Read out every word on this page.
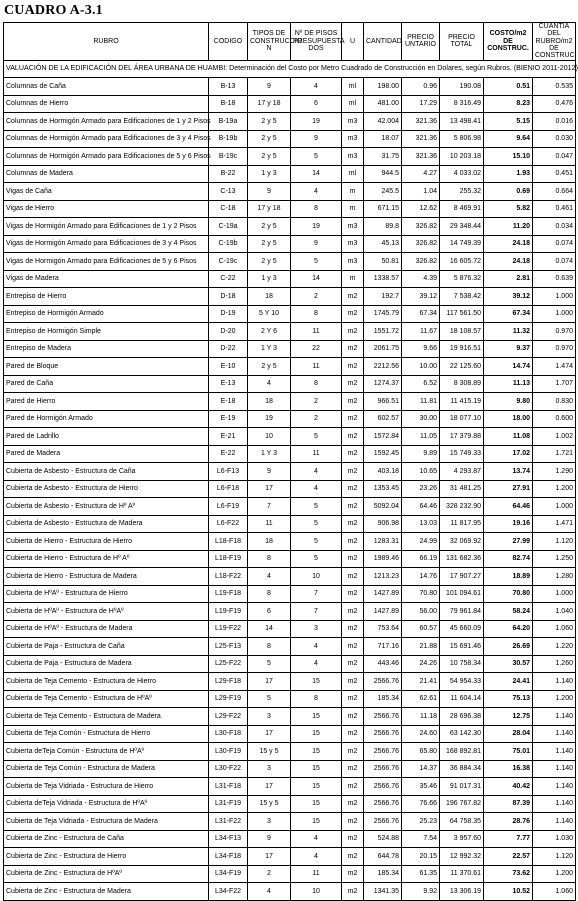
CUADRO A-3.1
VALUACIÓN DE LA EDIFICACIÓN DEL ÁREA URBANA DE HUAMBI: Determinación del Costo por Metro Cuadrado de Construcción en Dolares, según Rubros. (BIENIO 2011-2012)									
RUBRO	CODIGO	TIPOS DE CONSTRUCCIO N	Nº DE PISOS PRESUPUESTA DOS	U	CANTIDAD	PRECIO UNTARIO	PRECIO TOTAL	COSTO/m2 DE CONSTRUC.	CUANTIA DEL RUBRO/m2 DE CONSTRUC.
Columnas de Caña	B-13	9	4	ml	198.00	0.96	190.08	0.51	0.535
Columnas de Hierro	B-18	17 y 18	6	ml	481.00	17.29	8 316.49	8.23	0.476
Columnas de Hormigón Armado para Edificaciones de 1 y 2 Pisos	B-19a	2 y 5	19	m3	42.004	321.36	13 498.41	5.15	0.016
Columnas de Hormigón Armado para Edificaciones de 3 y 4 Pisos	B-19b	2 y 5	9	m3	18.07	321.36	5 806.98	9.64	0.030
Columnas de Hormigón Armado para Edificaciones de 5 y 6 Pisos	B-19c	2 y 5	5	m3	31.75	321.36	10 203.18	15.10	0.047
Columnas de Madera	B-22	1 y 3	14	ml	944.5	4.27	4 033.02	1.93	0.451
Vigas de Caña	C-13	9	4	m	245.5	1.04	255.32	0.69	0.664
Vigas de Hierro	C-18	17 y 18	8	m	671.15	12.62	8 469.91	5.82	0.461
Vigas de Hormigón Armado para Edificaciones de 1 y 2 Pisos	C-19a	2 y 5	19	m3	89.8	326.82	29 348.44	11.20	0.034
Vigas de Hormigón Armado para Edificaciones de 3 y 4 Pisos	C-19b	2 y 5	9	m3	45.13	326.82	14 749.39	24.18	0.074
Vigas de Hormigón Armado para Edificaciones de 5 y 6 Pisos	C-19c	2 y 5	5	m3	50.81	326.82	16 605.72	24.18	0.074
Vigas de Madera	C-22	1 y 3	14	m	1338.57	4.39	5 876.32	2.81	0.639
Entrepiso de Hierro	D-18	18	2	m2	192.7	39.12	7 538.42	39.12	1.000
Entrepiso de Hormigón Armado	D-19	5 Y 10	8	m2	1745.79	67.34	117 561.50	67.34	1.000
Entrepiso de Hormigón Simple	D-20	2 Y 6	11	m2	1551.72	11.67	18 108.57	11.32	0.970
Entrepiso de Madera	D-22	1 Y 3	22	m2	2061.75	9.66	19 916.51	9.37	0.970
Pared de Bloque	E-10	2 y 5	11	m2	2212.56	10.00	22 125.60	14.74	1.474
Pared de Caña	E-13	4	8	m2	1274.37	6.52	8 308.89	11.13	1.707
Pared de Hierro	E-18	18	2	m2	966.51	11.81	11 415.19	9.80	0.830
Pared de Hormigón Armado	E-19	19	2	m2	602.57	30.00	18 077.10	18.00	0.600
Pared de Ladrillo	E-21	10	5	m2	1572.84	11.05	17 379.88	11.08	1.002
Pared de Madera	E-22	1 Y 3	11	m2	1592.45	9.89	15 749.33	17.02	1.721
Cubierta de Asbesto - Estructura de Caña	L6-F13	9	4	m2	403.18	10.65	4 293.87	13.74	1.290
Cubierta de Asbesto - Estructura de Hierro	L6-F18	17	4	m2	1353.45	23.26	31 481.25	27.91	1.200
Cubierta de Asbesto - Estructura de Hº Aº	L6-F19	7	5	m2	5092.04	64.46	328 232.90	64.46	1.000
Cubierta de Asbesto - Estructura de Madera	L6-F22	11	5	m2	906.98	13.03	11 817.95	19.16	1.471
Cubierta de Hierro - Estructura de Hierro	L18-F18	18	5	m2	1283.31	24.99	32 069.92	27.99	1.120
Cubierta de Hierro - Estructura de Hº Aº	L18-F19	8	5	m2	1989.46	66.19	131 682.36	82.74	1.250
Cubierta de Hierro - Estructura de Madera	L18-F22	4	10	m2	1213.23	14.76	17 907.27	18.89	1.280
Cubierta de HºAº - Estructura de Hierro	L19-F18	8	7	m2	1427.89	70.80	101 094.61	70.80	1.000
Cubierta de HºAº - Estructura de HºAº	L19-F19	6	7	m2	1427.89	56.00	79 961.84	58.24	1.040
Cubierta de HºAº - Estructura de Madera	L19-F22	14	3	m2	753.64	60.57	45 660.09	64.20	1.060
Cubierta de Paja - Estructura de Caña	L25-F13	8	4	m2	717.16	21.88	15 691.46	26.69	1.220
Cubierta de Paja - Estructura de Madera	L25-F22	5	4	m2	443.46	24.26	10 758.34	30.57	1.260
Cubierta de Teja Cemento - Estructura de Hierro	L29-F18	17	15	m2	2566.76	21.41	54 954.33	24.41	1.140
Cubierta de Teja Cemento - Estructura de HºAº	L29-F19	5	8	m2	185.34	62.61	11 604.14	75.13	1.200
Cubierta de Teja Cemento - Estructura de Madera	L29-F22	3	15	m2	2566.76	11.18	28 696.38	12.75	1.140
Cubierta de Teja Común - Estructura de Hierro	L30-F18	17	15	m2	2566.76	24.60	63 142.30	28.04	1.140
Cubierta deTeja Común - Estructura de HºAº	L30-F19	15 y 5	15	m2	2566.76	65.80	168 892.81	75.01	1.140
Cubierta de Teja Común - Estructura de Madera	L30-F22	3	15	m2	2566.76	14.37	36 884.34	16.38	1.140
Cubierta de Teja Vidriada - Estructura de Hierro	L31-F18	17	15	m2	2566.76	35.46	91 017.31	40.42	1.140
Cubierta deTeja Vidriada - Estructura de HºAº	L31-F19	15 y 5	15	m2	2566.76	76.66	196 767.82	87.39	1.140
Cubierta de Teja Vidriada - Estructura de Madera	L31-F22	3	15	m2	2566.76	25.23	64 758.35	28.76	1.140
Cubierta de Zinc - Estructura de Caña	L34-F13	9	4	m2	524.88	7.54	3 957.60	7.77	1.030
Cubierta de Zinc - Estructura de Hierro	L34-F18	17	4	m2	644.78	20.15	12 992.32	22.57	1.120
Cubierta de Zinc - Estructura de HºAº	L34-F19	2	11	m2	185.34	61.35	11 370.61	73.62	1.200
Cubierta de Zinc - Estructura de Madera	L34-F22	4	10	m2	1341.35	9.92	13 306.19	10.52	1.060
